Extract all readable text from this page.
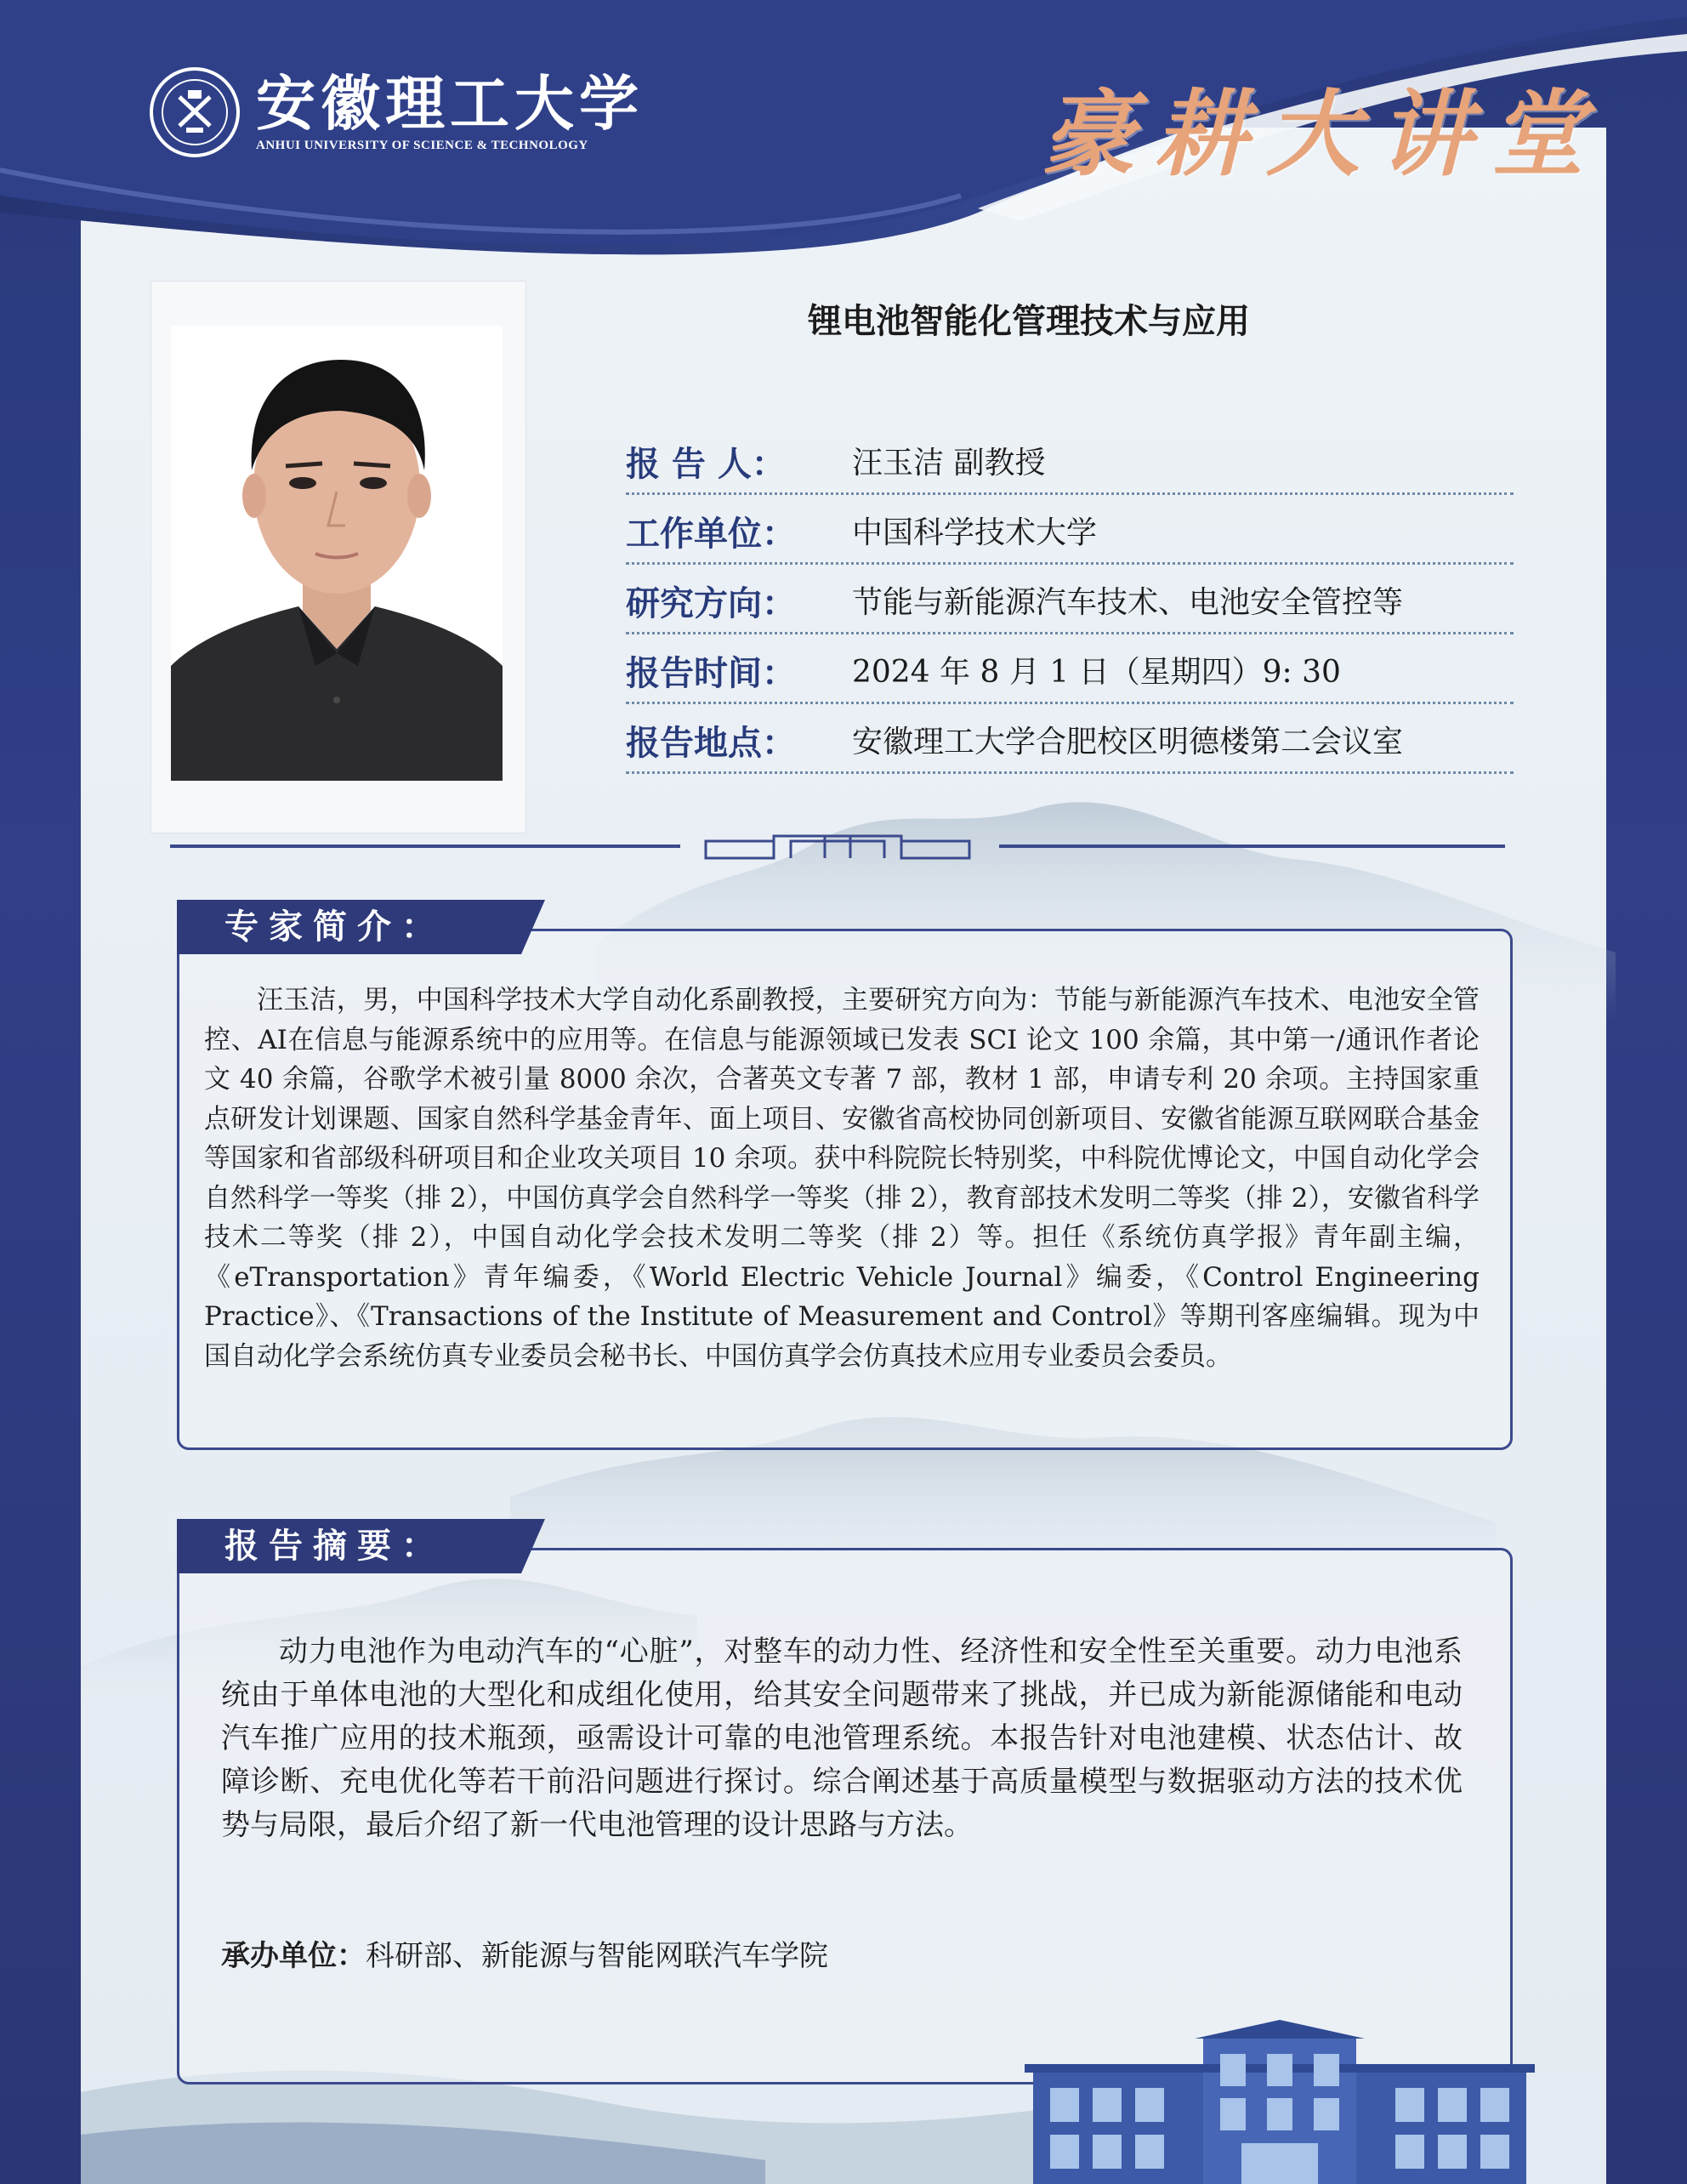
安徽理工大学
ANHUI UNIVERSITY OF SCIENCE & TECHNOLOGY	豪耕大讲堂
锂电池智能化管理技术与应用
报 告 人： 汪玉洁 副教授
工作单位： 中国科学技术大学
研究方向： 节能与新能源汽车技术、电池安全管控等
报告时间： 2024 年 8 月 1 日（星期四）9: 30
报告地点： 安徽理工大学合肥校区明德楼第二会议室
专家简介：
汪玉洁，男，中国科学技术大学自动化系副教授，主要研究方向为：节能与新能源汽车技术、电池安全管控、AI在信息与能源系统中的应用等。在信息与能源领域已发表 SCI 论文 100 余篇，其中第一/通讯作者论文 40 余篇，谷歌学术被引量 8000 余次，合著英文专著 7 部，教材 1 部，申请专利 20 余项。主持国家重点研发计划课题、国家自然科学基金青年、面上项目、安徽省高校协同创新项目、安徽省能源互联网联合基金等国家和省部级科研项目和企业攻关项目 10 余项。获中科院院长特别奖，中科院优博论文，中国自动化学会自然科学一等奖（排 2），中国仿真学会自然科学一等奖（排 2），教育部技术发明二等奖（排 2），安徽省科学技术二等奖（排 2），中国自动化学会技术发明二等奖（排 2）等。担任《系统仿真学报》青年副主编，《eTransportation》青年编委，《World Electric Vehicle Journal》编委，《Control Engineering Practice》、《Transactions of the Institute of Measurement and Control》等期刊客座编辑。现为中国自动化学会系统仿真专业委员会秘书长、中国仿真学会仿真技术应用专业委员会委员。
报告摘要：
动力电池作为电动汽车的“心脏”，对整车的动力性、经济性和安全性至关重要。动力电池系统由于单体电池的大型化和成组化使用，给其安全问题带来了挑战，并已成为新能源储能和电动汽车推广应用的技术瓶颈，亟需设计可靠的电池管理系统。本报告针对电池建模、状态估计、故障诊断、充电优化等若干前沿问题进行探讨。综合阐述基于高质量模型与数据驱动方法的技术优势与局限，最后介绍了新一代电池管理的设计思路与方法。
承办单位：科研部、新能源与智能网联汽车学院
